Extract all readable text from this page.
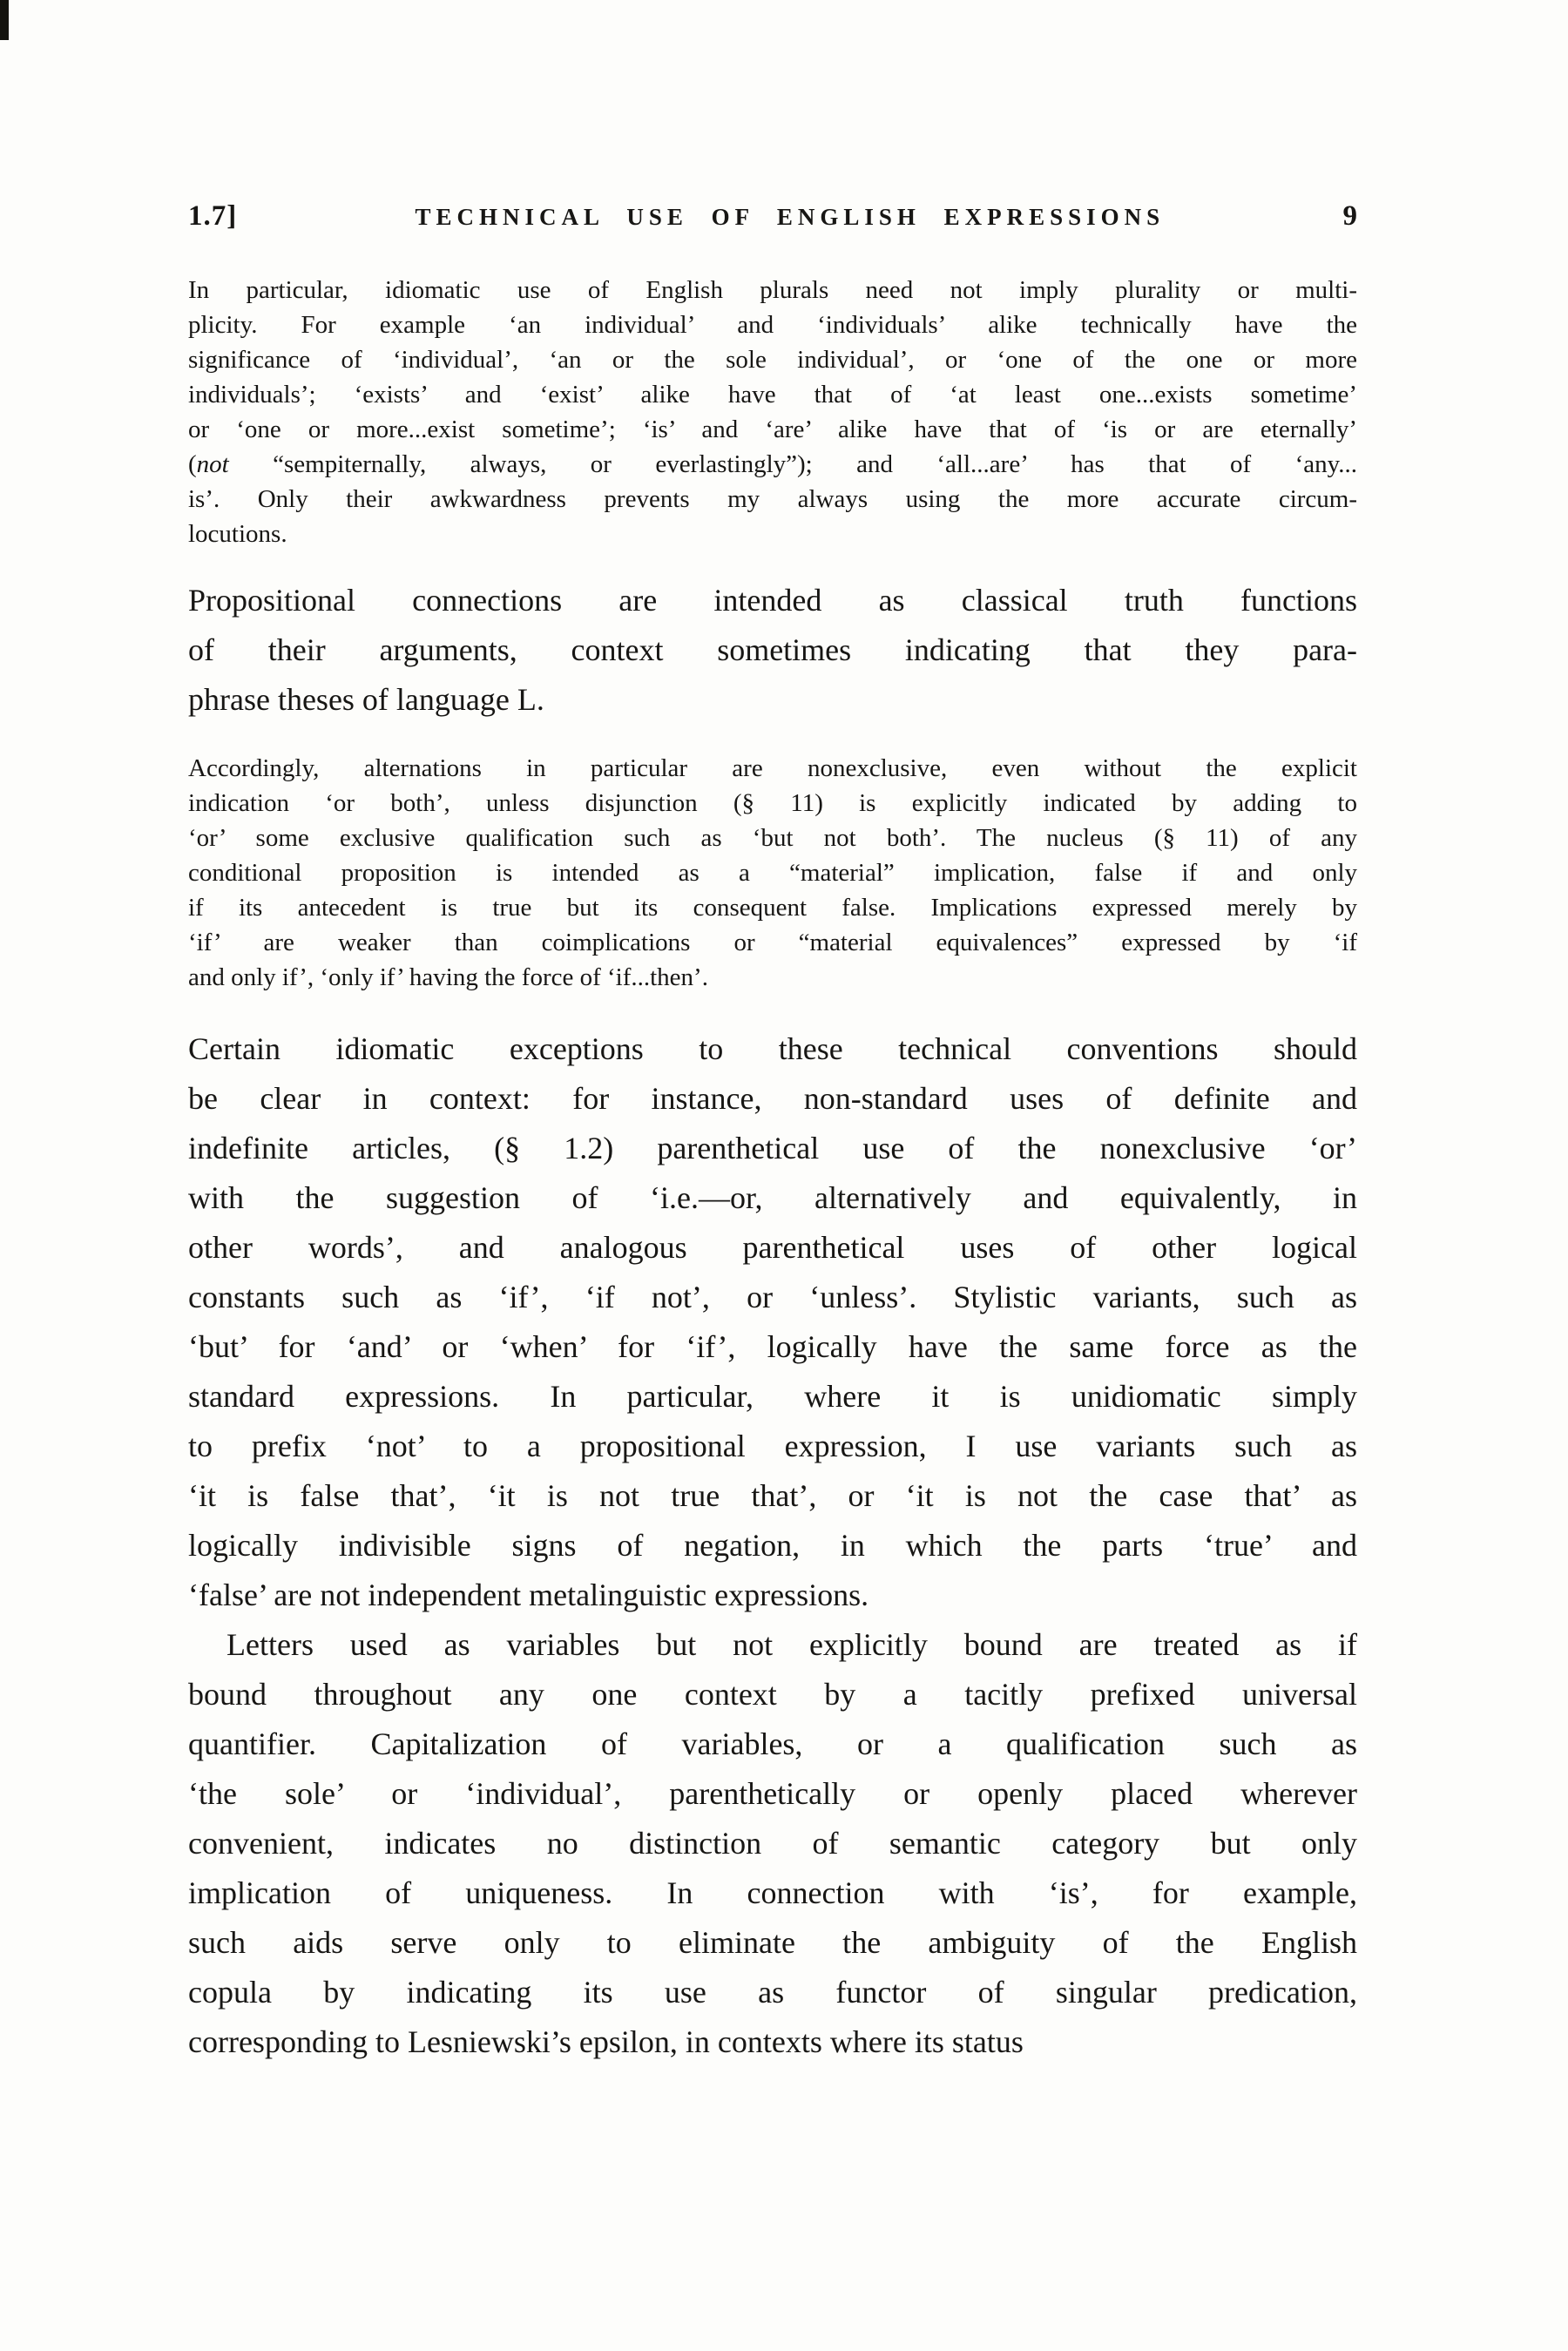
1.7]	TECHNICAL USE OF ENGLISH EXPRESSIONS	9

In particular, idiomatic use of English plurals need not imply plurality or multi-
plicity. For example ‘an individual’ and ‘individuals’ alike technically have the
significance of ‘individual’, ‘an or the sole individual’, or ‘one of the one or more
individuals’; ‘exists’ and ‘exist’ alike have that of ‘at least one...exists sometime’
or ‘one or more...exist sometime’; ‘is’ and ‘are’ alike have that of ‘is or are eternally’
(not “sempiternally, always, or everlastingly”); and ‘all...are’ has that of ‘any...
is’. Only their awkwardness prevents my always using the more accurate circum-
locutions.

Propositional connections are intended as classical truth functions
of their arguments, context sometimes indicating that they para-
phrase theses of language L.

Accordingly, alternations in particular are nonexclusive, even without the explicit
indication ‘or both’, unless disjunction (§ 11) is explicitly indicated by adding to
‘or’ some exclusive qualification such as ‘but not both’. The nucleus (§ 11) of any
conditional proposition is intended as a “material” implication, false if and only
if its antecedent is true but its consequent false. Implications expressed merely by
‘if’ are weaker than coimplications or “material equivalences” expressed by ‘if
and only if’, ‘only if’ having the force of ‘if...then’.

Certain idiomatic exceptions to these technical conventions should
be clear in context: for instance, non-standard uses of definite and
indefinite articles, (§ 1.2) parenthetical use of the nonexclusive ‘or’
with the suggestion of ‘i.e.—or, alternatively and equivalently, in
other words’, and analogous parenthetical uses of other logical
constants such as ‘if’, ‘if not’, or ‘unless’. Stylistic variants, such as
‘but’ for ‘and’ or ‘when’ for ‘if’, logically have the same force as the
standard expressions. In particular, where it is unidiomatic simply
to prefix ‘not’ to a propositional expression, I use variants such as
‘it is false that’, ‘it is not true that’, or ‘it is not the case that’ as
logically indivisible signs of negation, in which the parts ‘true’ and
‘false’ are not independent metalinguistic expressions.

Letters used as variables but not explicitly bound are treated as if
bound throughout any one context by a tacitly prefixed universal
quantifier. Capitalization of variables, or a qualification such as
‘the sole’ or ‘individual’, parenthetically or openly placed wherever
convenient, indicates no distinction of semantic category but only
implication of uniqueness. In connection with ‘is’, for example,
such aids serve only to eliminate the ambiguity of the English
copula by indicating its use as functor of singular predication,
corresponding to Lesniewski’s epsilon, in contexts where its status
